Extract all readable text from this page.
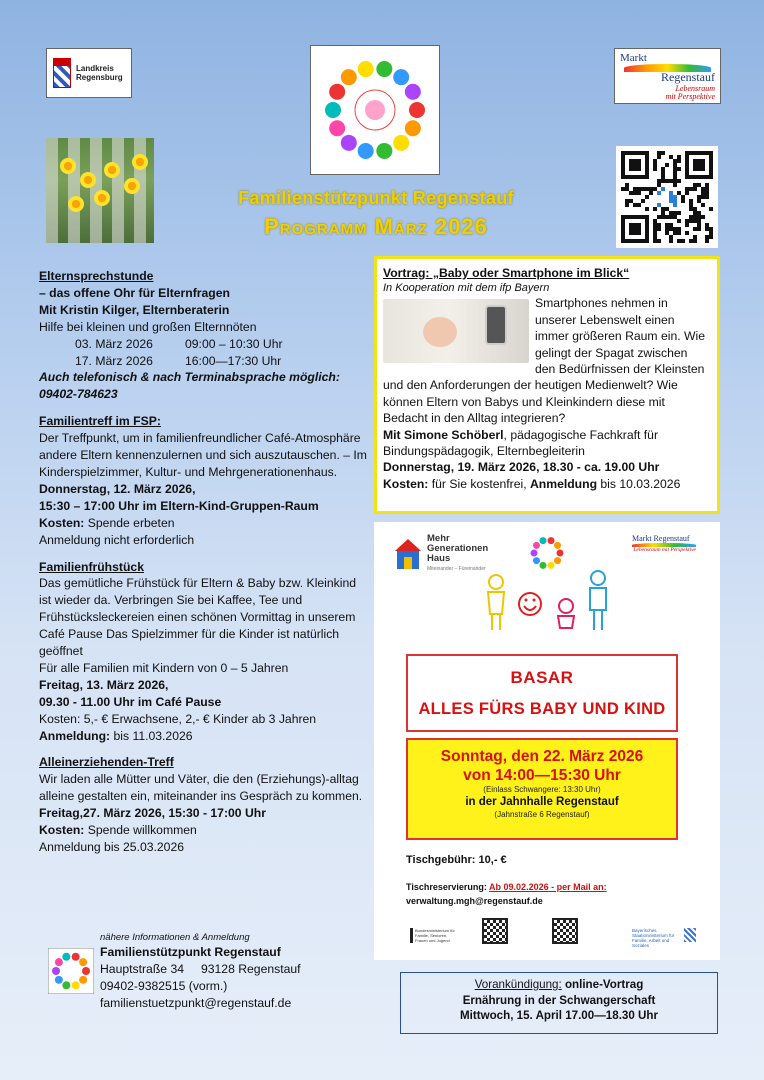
Landkreis
Regensburg
Markt
Regenstauf
Lebensraum
mit Perspektive
Familienstützpunkt Regenstauf
Programm März 2026
Elternsprechstunde
– das offene Ohr für Elternfragen
Mit Kristin Kilger, Elternberaterin
Hilfe bei kleinen und großen Elternnöten
03. März 2026	09:00 – 10:30 Uhr
17. März 2026	16:00—17:30 Uhr
Auch telefonisch & nach Terminabsprache möglich:
09402-784623
Familientreff im FSP:
Der Treffpunkt, um in familienfreundlicher Café-Atmosphäre andere Eltern kennenzulernen und sich auszutauschen. – Im Kinderspielzimmer, Kultur- und Mehrgenerationenhaus.
Donnerstag, 12. März 2026,
15:30 – 17:00 Uhr im Eltern-Kind-Gruppen-Raum
Kosten: Spende erbeten
Anmeldung nicht erforderlich
Familienfrühstück
Das gemütliche Frühstück für Eltern & Baby bzw. Kleinkind ist wieder da. Verbringen Sie bei Kaffee, Tee und Frühstücksleckereien einen schönen Vormittag in unserem Café Pause Das Spielzimmer für die Kinder ist natürlich geöffnet
Für alle Familien mit Kindern von 0 – 5 Jahren
Freitag, 13. März 2026,
09.30 - 11.00 Uhr im Café Pause
Kosten: 5,- € Erwachsene, 2,- € Kinder ab 3 Jahren
Anmeldung: bis 11.03.2026
Alleinerziehenden-Treff
Wir laden alle Mütter und Väter, die den (Erziehungs)-alltag alleine gestalten ein, miteinander ins Gespräch zu kommen.
Freitag,27. März 2026, 15:30 - 17:00 Uhr
Kosten: Spende willkommen
Anmeldung bis 25.03.2026
Vortrag: „Baby oder Smartphone im Blick“
In Kooperation mit dem ifp Bayern
Smartphones nehmen in unserer Lebenswelt einen immer größeren Raum ein. Wie gelingt der Spagat zwischen den Bedürfnissen der Kleinsten und den Anforderungen der heutigen Medienwelt? Wie können Eltern von Babys und Kleinkindern diese mit Bedacht in den Alltag integrieren?
Mit Simone Schöberl, pädagogische Fachkraft für Bindungspädagogik, Elternbegleiterin
Donnerstag, 19. März 2026, 18.30 - ca. 19.00 Uhr
Kosten: für Sie kostenfrei, Anmeldung bis 10.03.2026
Mehr
Generationen
Haus
Miteinander – Füreinander
Markt Regenstauf
Lebensraum mit Perspektive
BASAR
ALLES FÜRS BABY UND KIND
Sonntag, den 22. März 2026
von 14:00—15:30 Uhr
(Einlass Schwangere: 13:30 Uhr)
in der Jahnhalle Regenstauf
(Jahnstraße 6 Regenstauf)
Tischgebühr: 10,- €
Tischreservierung: Ab 09.02.2026 - per Mail an:
verwaltung.mgh@regenstauf.de
Bundesministerium für Familie, Senioren, Frauen und Jugend
Bayerisches Staatsministerium für Familie, Arbeit und Soziales
nähere Informationen & Anmeldung
Familienstützpunkt Regenstauf
Hauptstraße 34 93128 Regenstauf
09402-9382515 (vorm.)
familienstuetzpunkt@regenstauf.de
Vorankündigung: online-Vortrag
Ernährung in der Schwangerschaft
Mittwoch, 15. April 17.00—18.30 Uhr
